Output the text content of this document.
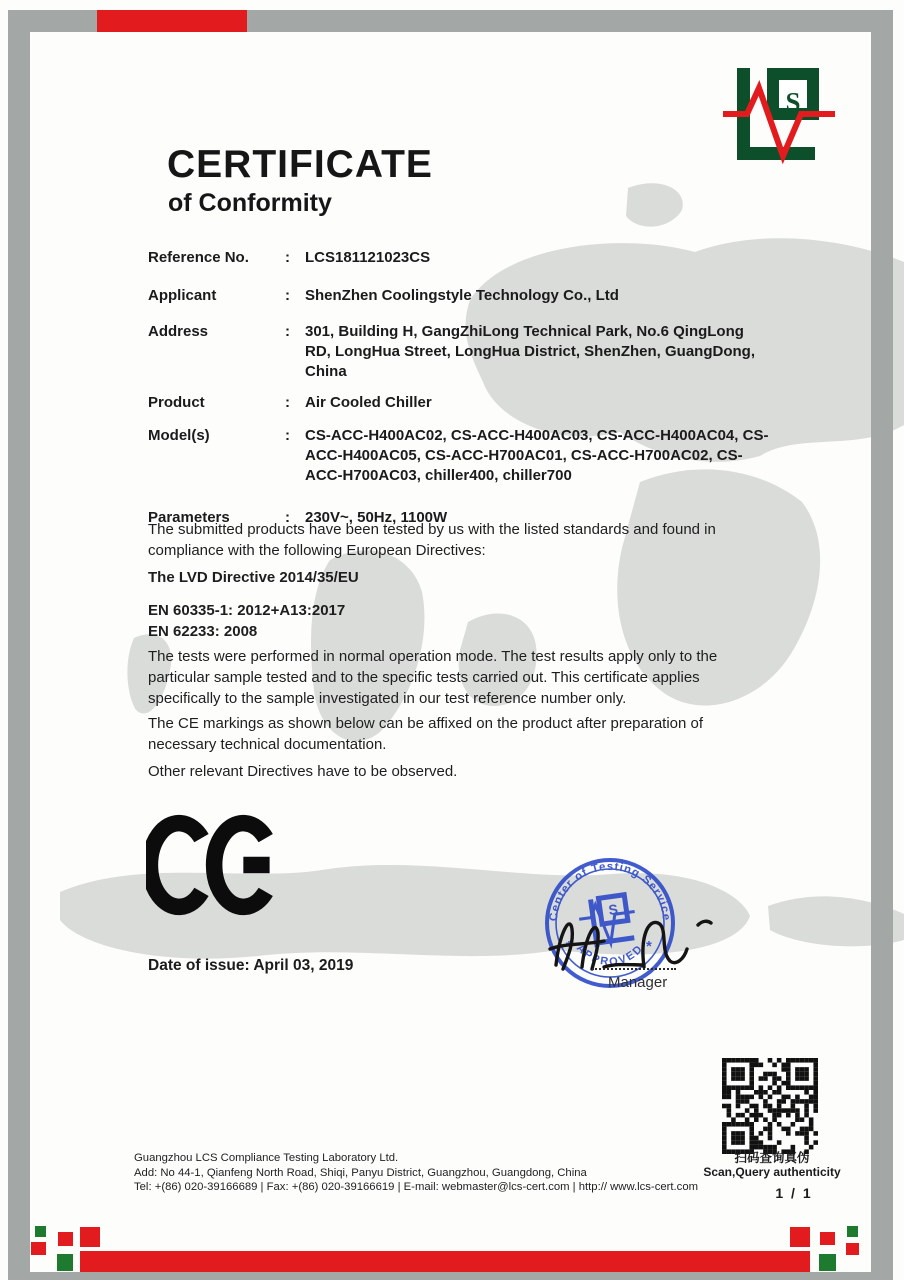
S
CERTIFICATE
of Conformity
Reference No.	:	LCS181121023CS
Applicant	:	ShenZhen Coolingstyle Technology Co., Ltd
Address	:	301, Building H, GangZhiLong Technical Park, No.6 QingLong RD, LongHua Street, LongHua District, ShenZhen, GuangDong, China
Product	:	Air Cooled Chiller
Model(s)	:	CS-ACC-H400AC02, CS-ACC-H400AC03, CS-ACC-H400AC04, CS-ACC-H400AC05, CS-ACC-H700AC01, CS-ACC-H700AC02, CS-ACC-H700AC03, chiller400, chiller700
Parameters	:	230V~, 50Hz, 1100W

The submitted products have been tested by us with the listed standards and found in compliance with the following European Directives:

The LVD Directive 2014/35/EU

EN 60335-1: 2012+A13:2017

EN 62233: 2008

The tests were performed in normal operation mode. The test results apply only to the particular sample tested and to the specific tests carried out. This certificate applies specifically to the sample investigated in our test reference number only.

The CE markings as shown below can be affixed on the product after preparation of necessary technical documentation.

Other relevant Directives have to be observed.

Date of issue: April 03, 2019
Center of Testing Service
APPROVED
*	*
S
Manager
Guangzhou LCS Compliance Testing Laboratory Ltd.
Add: No 44-1, Qianfeng North Road, Shiqi, Panyu District, Guangzhou, Guangdong, China
Tel: +(86) 020-39166689 | Fax: +(86) 020-39166619 | E-mail: webmaster@lcs-cert.com | http:// www.lcs-cert.com
扫码查询真伪
Scan,Query authenticity
1 / 1
